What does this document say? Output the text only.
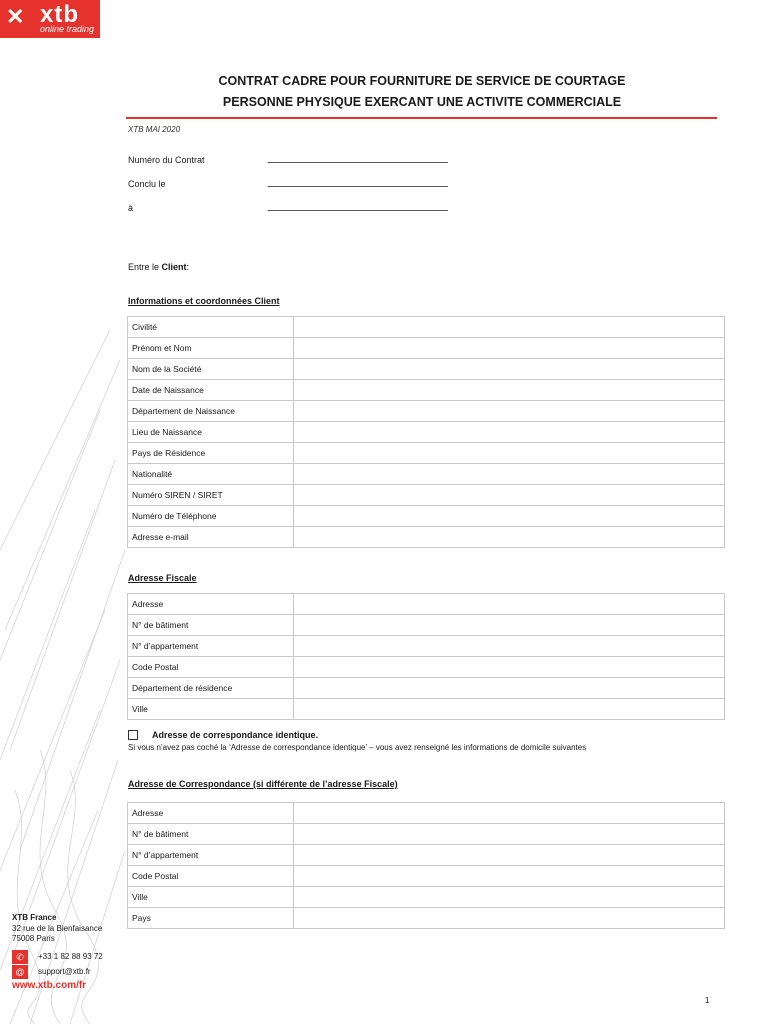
✕ xtb
online trading
CONTRAT CADRE POUR FOURNITURE DE SERVICE DE COURTAGE
PERSONNE PHYSIQUE EXERCANT UNE ACTIVITE COMMERCIALE
XTB MAI 2020
Numéro du Contrat
Conclu le
à
Entre le Client:
Informations et coordonnées Client
Civilité	
Prénom et Nom	
Nom de la Société	
Date de Naissance	
Département de Naissance	
Lieu de Naissance	
Pays de Résidence	
Nationalité	
Numéro SIREN / SIRET	
Numéro de Téléphone	
Adresse e-mail	
Adresse Fiscale
Adresse	
N° de bâtiment	
N° d’appartement	
Code Postal	
Département de résidence	
Ville	
Adresse de correspondance identique.
Si vous n’avez pas coché la ‘Adresse de correspondance identique’ – vous avez renseigné les informations de domicile suivantes
Adresse de Correspondance (si différente de l’adresse Fiscale)
Adresse	
N° de bâtiment	
N° d’appartement	
Code Postal	
Ville	
Pays	
XTB France
32 rue de la Bienfaisance
75008 Paris
✆	+33 1 82 88 93 72
@	support@xtb.fr
www.xtb.com/fr
1
